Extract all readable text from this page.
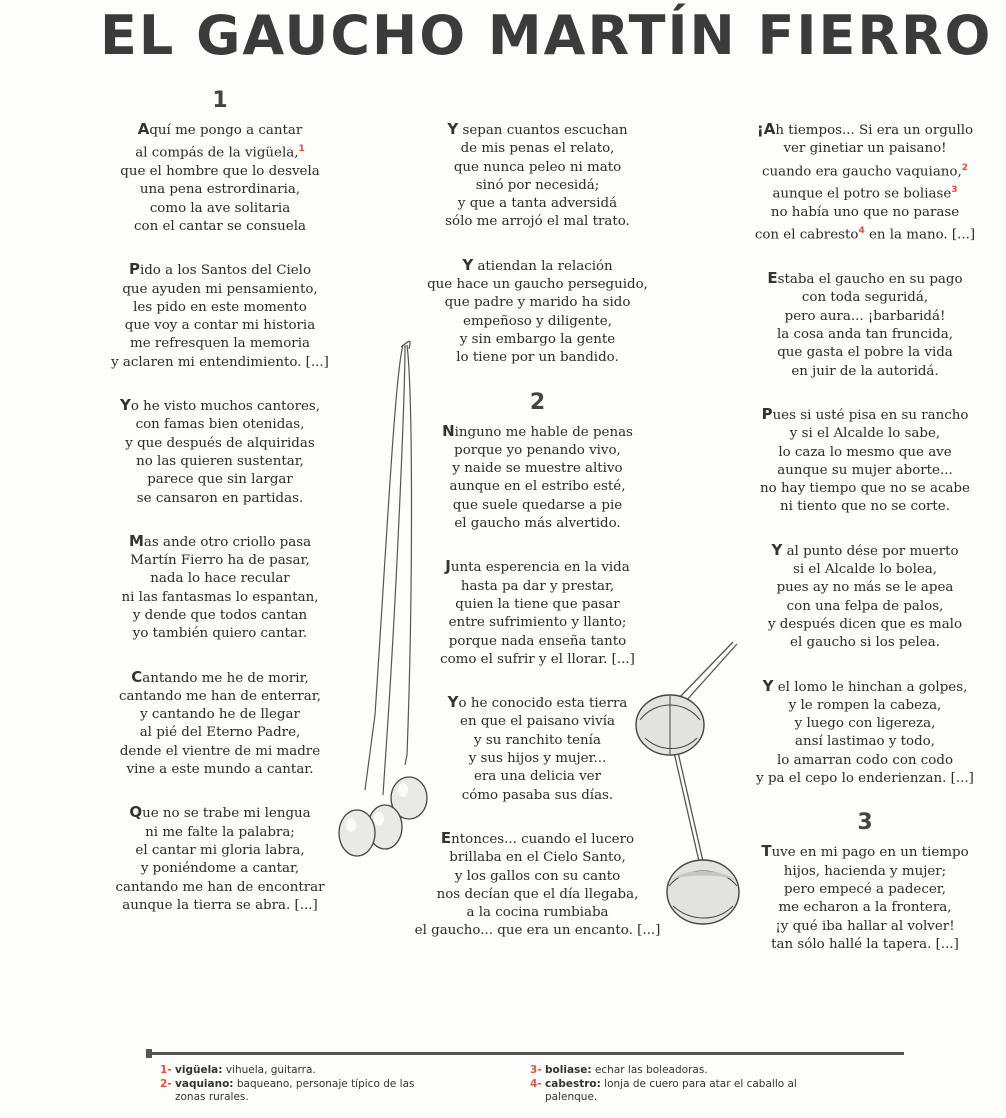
EL GAUCHO MARTÍN FIERRO
1
Aquí me pongo a cantar
al compás de la vigüela,$^1$
que el hombre que lo desvela
una pena estrordinaria,
como la ave solitaria
con el cantar se consuela
Pido a los Santos del Cielo
que ayuden mi pensamiento,
les pido en este momento
que voy a contar mi historia
me refresquen la memoria
y aclaren mi entendimiento. [...]
Yo he visto muchos cantores,
con famas bien otenidas,
y que después de alquiridas
no las quieren sustentar,
parece que sin largar
se cansaron en partidas.
Mas ande otro criollo pasa
Martín Fierro ha de pasar,
nada lo hace recular
ni las fantasmas lo espantan,
y dende que todos cantan
yo también quiero cantar.
Cantando me he de morir,
cantando me han de enterrar,
y cantando he de llegar
al pié del Eterno Padre,
dende el vientre de mi madre
vine a este mundo a cantar.
Que no se trabe mi lengua
ni me falte la palabra;
el cantar mi gloria labra,
y poniéndome a cantar,
cantando me han de encontrar
aunque la tierra se abra. [...]
Y sepan cuantos escuchan
de mis penas el relato,
que nunca peleo ni mato
sinó por necesidá;
y que a tanta adversidá
sólo me arrojó el mal trato.
Y atiendan la relación
que hace un gaucho perseguido,
que padre y marido ha sido
empeñoso y diligente,
y sin embargo la gente
lo tiene por un bandido.
2
Ninguno me hable de penas
porque yo penando vivo,
y naide se muestre altivo
aunque en el estribo esté,
que suele quedarse a pie
el gaucho más alvertido.
Junta esperencia en la vida
hasta pa dar y prestar,
quien la tiene que pasar
entre sufrimiento y llanto;
porque nada enseña tanto
como el sufrir y el llorar. [...]
Yo he conocido esta tierra
en que el paisano vivía
y su ranchito tenía
y sus hijos y mujer...
era una delicia ver
cómo pasaba sus días.
Entonces... cuando el lucero
brillaba en el Cielo Santo,
y los gallos con su canto
nos decían que el día llegaba,
a la cocina rumbiaba
el gaucho... que era un encanto. [...]
¡Ah tiempos... Si era un orgullo
ver ginetiar un paisano!
cuando era gaucho vaquiano,$^2$
aunque el potro se boliase$^3$
no había uno que no parase
con el cabresto$^4$ en la mano. [...]
Estaba el gaucho en su pago
con toda seguridá,
pero aura... ¡barbaridá!
la cosa anda tan fruncida,
que gasta el pobre la vida
en juir de la autoridá.
Pues si usté pisa en su rancho
y si el Alcalde lo sabe,
lo caza lo mesmo que ave
aunque su mujer aborte...
no hay tiempo que no se acabe
ni tiento que no se corte.
Y al punto dése por muerto
si el Alcalde lo bolea,
pues ay no más se le apea
con una felpa de palos,
y después dicen que es malo
el gaucho si los pelea.
Y el lomo le hinchan a golpes,
y le rompen la cabeza,
y luego con ligereza,
ansí lastimao y todo,
lo amarran codo con codo
y pa el cepo lo enderienzan. [...]
3
Tuve en mi pago en un tiempo
hijos, hacienda y mujer;
pero empecé a padecer,
me echaron a la frontera,
¡y qué iba hallar al volver!
tan sólo hallé la tapera. [...]
1- vigüela: vihuela, guitarra.
2- vaquiano: baqueano, personaje típico de las
zonas rurales.
3- boliase: echar las boleadoras.
4- cabestro: lonja de cuero para atar el caballo al
palenque.
